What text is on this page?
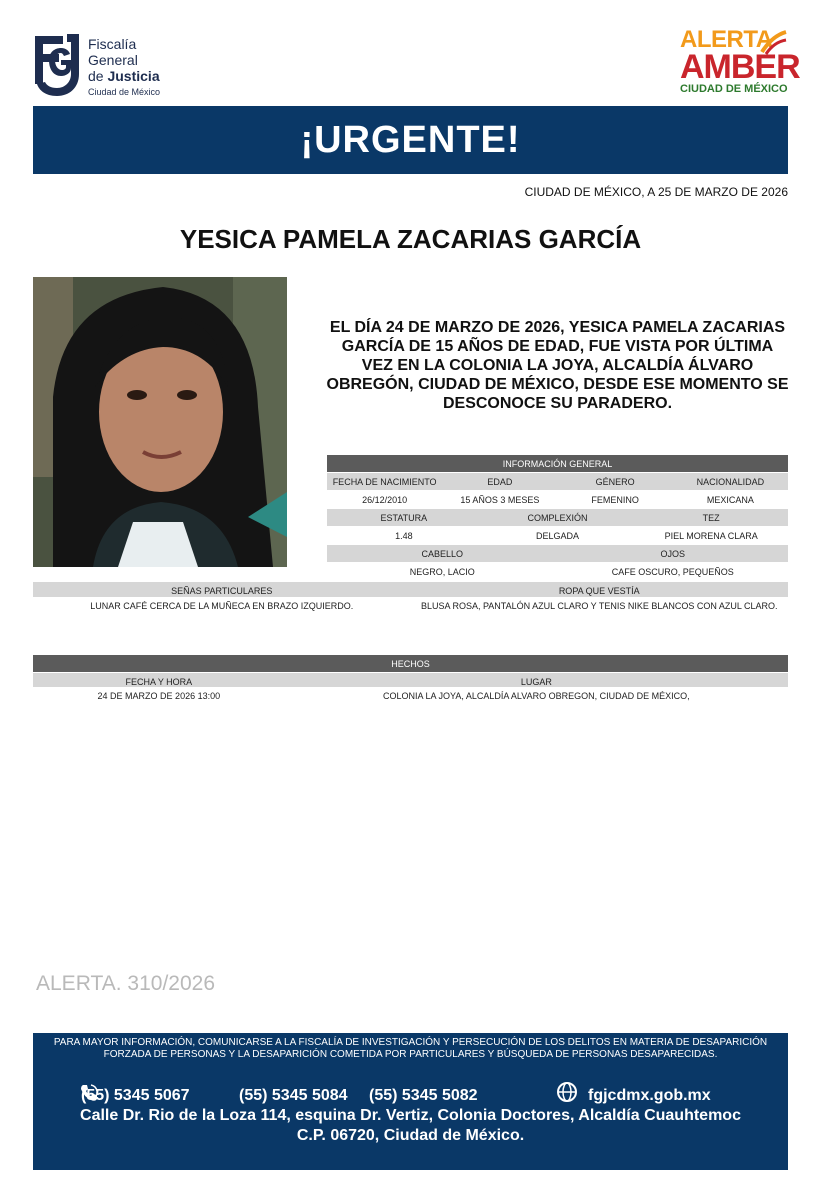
Fiscalía
General
de Justicia
Ciudad de México
ALERTA
AMBER
CIUDAD DE MÉXICO
¡URGENTE!
CIUDAD DE MÉXICO, A 25 DE MARZO DE 2026
YESICA PAMELA ZACARIAS GARCÍA
EL DÍA 24 DE MARZO DE 2026, YESICA PAMELA ZACARIAS GARCÍA DE 15 AÑOS DE EDAD, FUE VISTA POR ÚLTIMA VEZ EN LA COLONIA LA JOYA, ALCALDÍA ÁLVARO OBREGÓN, CIUDAD DE MÉXICO, DESDE ESE MOMENTO SE DESCONOCE SU PARADERO.
INFORMACIÓN GENERAL
FECHA DE NACIMIENTO	EDAD	GÉNERO	NACIONALIDAD
26/12/2010	15 AÑOS 3 MESES	FEMENINO	MEXICANA
ESTATURA	COMPLEXIÓN	TEZ
1.48	DELGADA	PIEL MORENA CLARA
CABELLO	OJOS
NEGRO, LACIO	CAFE OSCURO, PEQUEÑOS
SEÑAS PARTICULARES	ROPA QUE VESTÍA
LUNAR CAFÉ CERCA DE LA MUÑECA EN BRAZO IZQUIERDO.	BLUSA ROSA, PANTALÓN AZUL CLARO Y TENIS NIKE BLANCOS CON AZUL CLARO.
HECHOS
FECHA Y HORA	LUGAR
24 DE MARZO DE 2026 13:00	COLONIA LA JOYA, ALCALDÍA ALVARO OBREGON, CIUDAD DE MÉXICO,
ALERTA. 310/2026
PARA MAYOR INFORMACIÓN, COMUNICARSE A LA FISCALÍA DE INVESTIGACIÓN Y PERSECUCIÓN DE LOS DELITOS EN MATERIA DE DESAPARICIÓN FORZADA DE PERSONAS Y LA DESAPARICIÓN COMETIDA POR PARTICULARES Y BÚSQUEDA DE PERSONAS DESAPARECIDAS.
(55) 5345 5067	(55) 5345 5084 (55) 5345 5082	fgjcdmx.gob.mx
Calle Dr. Rio de la Loza 114, esquina Dr. Vertiz, Colonia Doctores, Alcaldía Cuauhtemoc
C.P. 06720, Ciudad de México.
